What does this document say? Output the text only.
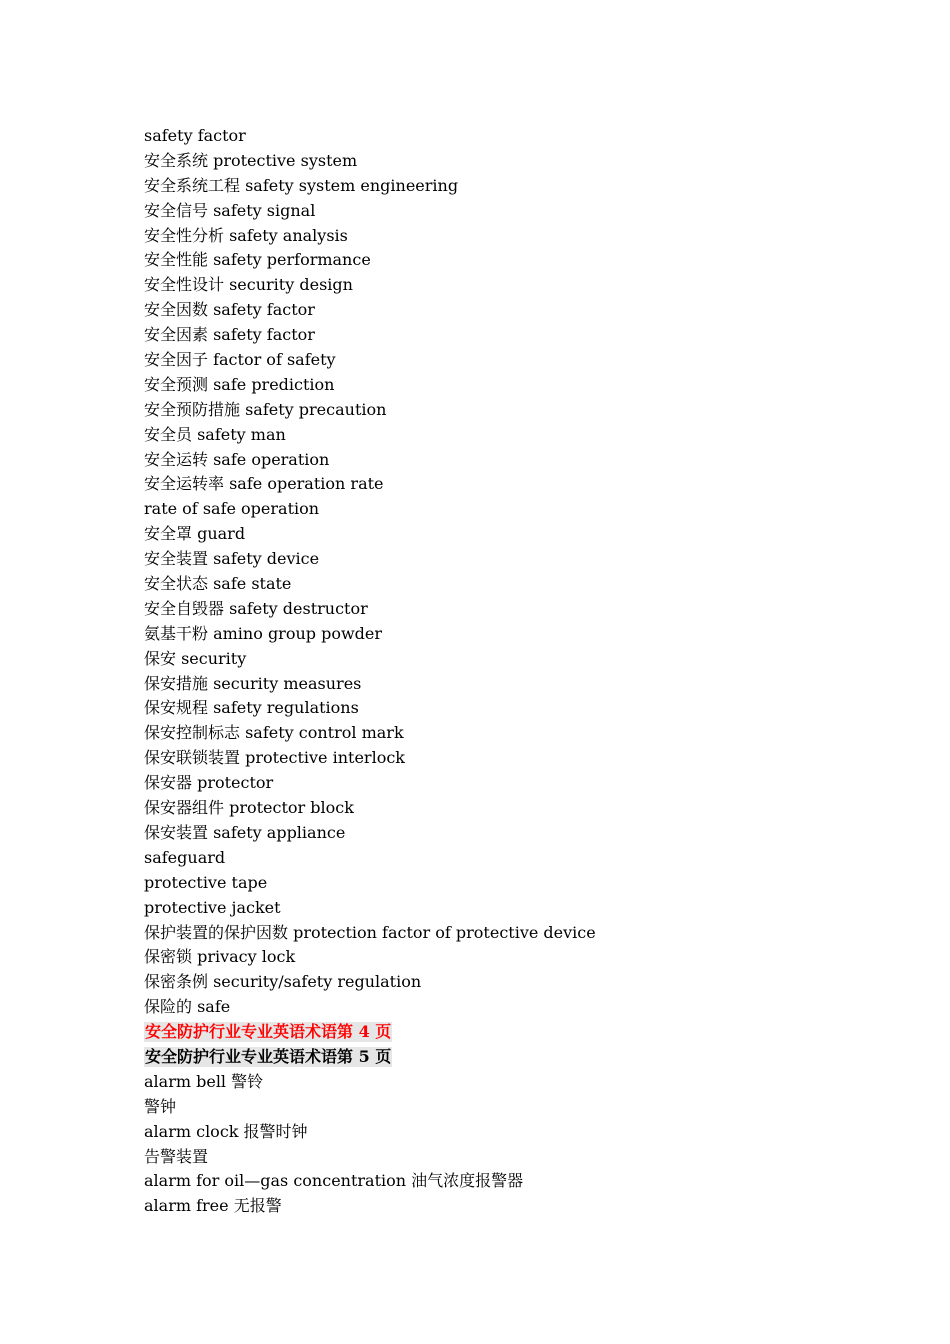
safety factor
安全系统 protective system
安全系统工程 safety system engineering
安全信号 safety signal
安全性分析 safety analysis
安全性能 safety performance
安全性设计 security design
安全因数 safety factor
安全因素 safety factor
安全因子 factor of safety
安全预测 safe prediction
安全预防措施 safety precaution
安全员 safety man
安全运转 safe operation
安全运转率 safe operation rate
rate of safe operation
安全罩 guard
安全装置 safety device
安全状态 safe state
安全自毁器 safety destructor
氨基干粉 amino group powder
保安 security
保安措施 security measures
保安规程 safety regulations
保安控制标志 safety control mark
保安联锁装置 protective interlock
保安器 protector
保安器组件 protector block
保安装置 safety appliance
safeguard
protective tape
protective jacket
保护装置的保护因数 protection factor of protective device
保密锁 privacy lock
保密条例 security/safety regulation
保险的 safe
安全防护行业专业英语术语第 4 页
安全防护行业专业英语术语第 5 页
alarm bell 警铃
警钟
alarm clock 报警时钟
告警装置
alarm for oil—gas concentration 油气浓度报警器
alarm free 无报警
